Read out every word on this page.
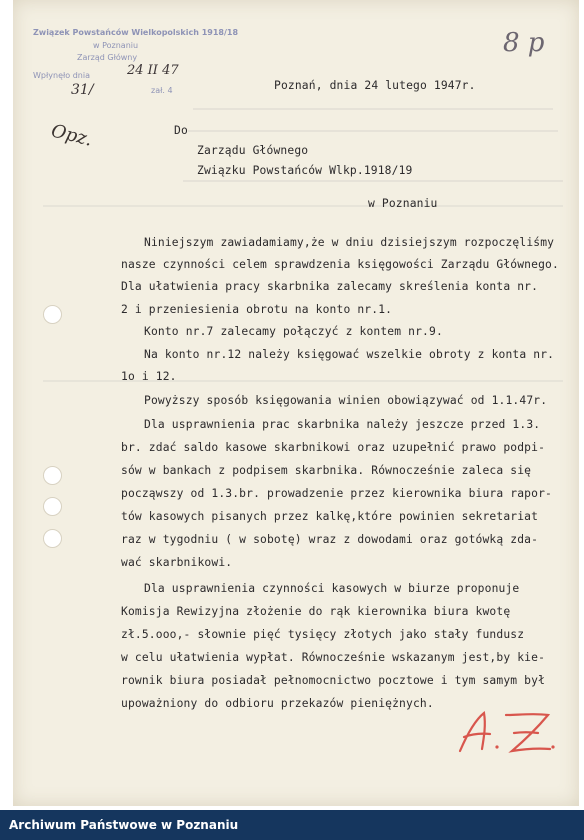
Związek Powstańców Wielkopolskich 1918/18
w Poznaniu
Zarząd Główny
Wpłynęło dnia	24 II 47
31/	zał. 4
8 p
Opz.
Poznań, dnia 24 lutego 1947r.
Do
Zarządu Głównego
Związku Powstańców Wlkp.1918/19
w Poznaniu
Niniejszym zawiadamiamy,że w dniu dzisiejszym rozpoczęliśmy
nasze czynności celem sprawdzenia księgowości Zarządu Głównego.
Dla ułatwienia pracy skarbnika zalecamy skreślenia konta nr.
2 i przeniesienia obrotu na konto nr.1.
Konto nr.7 zalecamy połączyć z kontem nr.9.
Na konto nr.12 należy księgować wszelkie obroty z konta nr.
1o i 12.
Powyższy sposób księgowania winien obowiązywać od 1.1.47r.
Dla usprawnienia prac skarbnika należy jeszcze przed 1.3.
br. zdać saldo kasowe skarbnikowi oraz uzupełnić prawo podpi-
sów w bankach z podpisem skarbnika. Równocześnie zaleca się
począwszy od 1.3.br. prowadzenie przez kierownika biura rapor-
tów kasowych pisanych przez kalkę,które powinien sekretariat
raz w tygodniu ( w sobotę) wraz z dowodami oraz gotówką zda-
wać skarbnikowi.
Dla usprawnienia czynności kasowych w biurze proponuje
Komisja Rewizyjna złożenie do rąk kierownika biura kwotę
zł.5.ooo,- słownie pięć tysięcy złotych jako stały fundusz
w celu ułatwienia wypłat. Równocześnie wskazanym jest,by kie-
rownik biura posiadał pełnomocnictwo pocztowe i tym samym był
upoważniony do odbioru przekazów pieniężnych.
Archiwum Państwowe w Poznaniu
